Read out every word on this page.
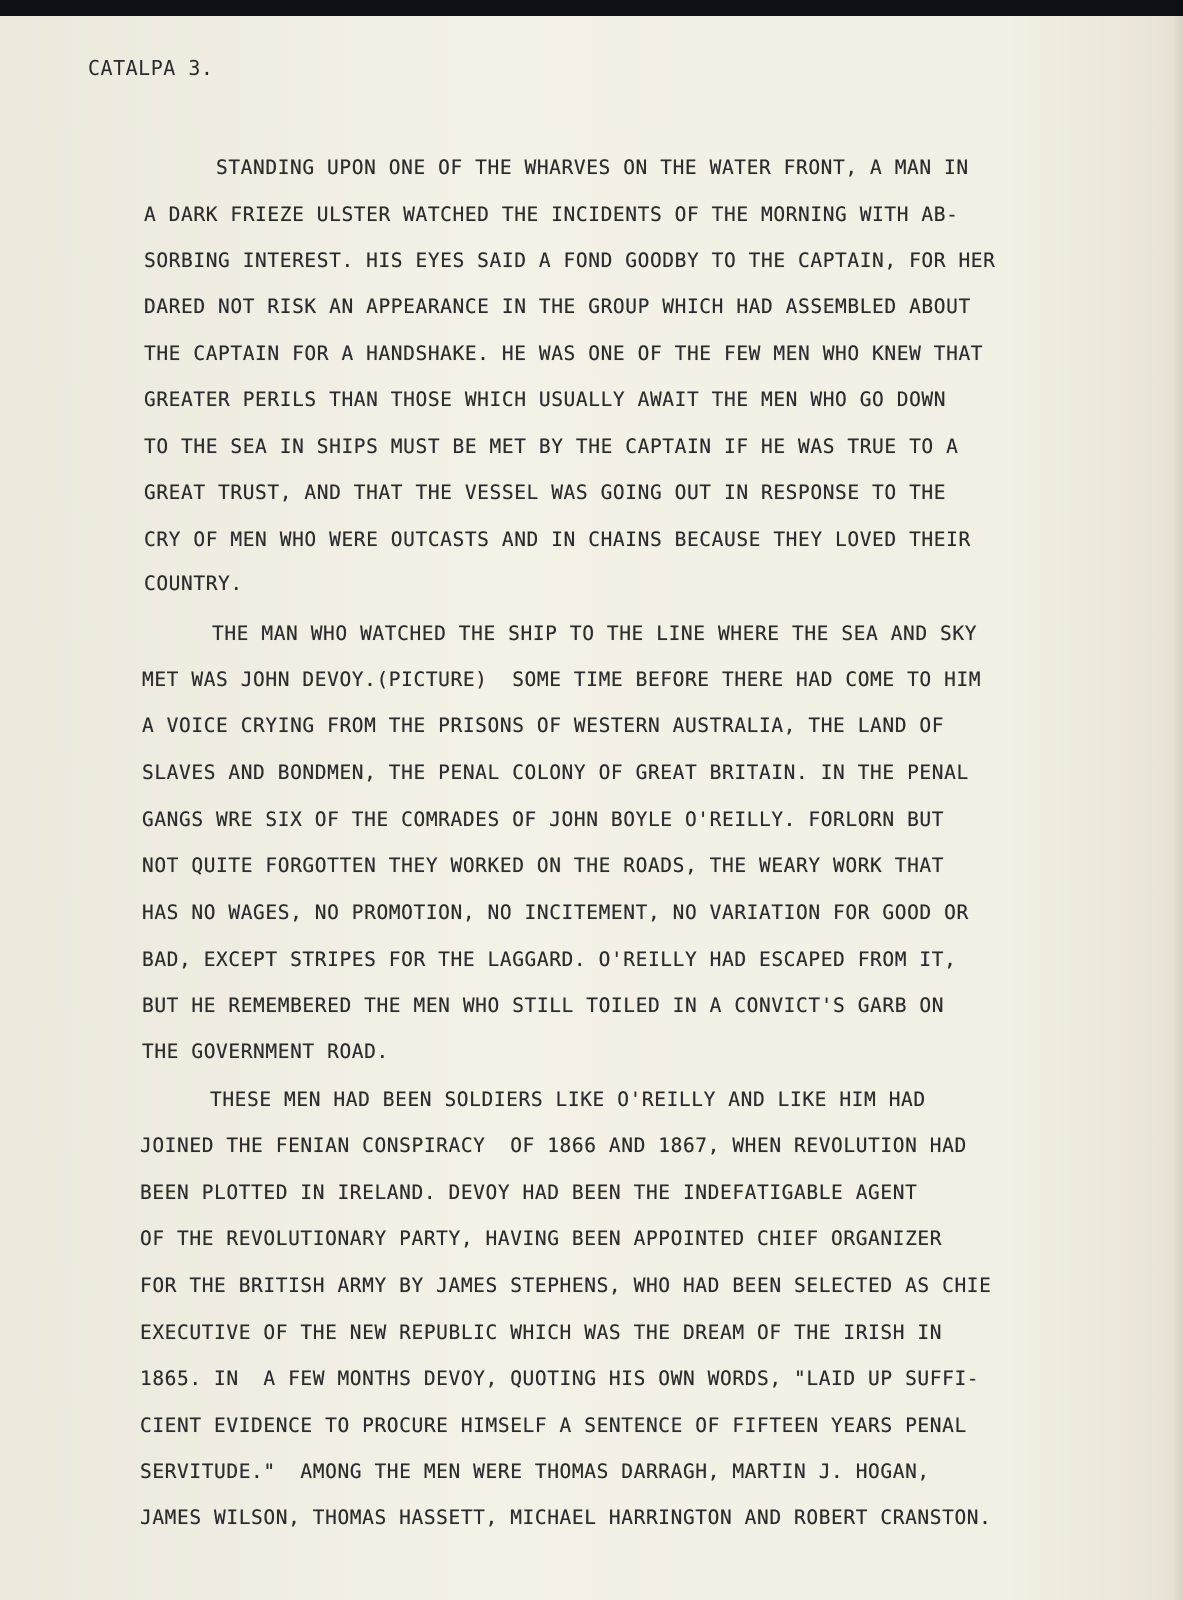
CATALPA 3.
STANDING UPON ONE OF THE WHARVES ON THE WATER FRONT, A MAN IN
A DARK FRIEZE ULSTER WATCHED THE INCIDENTS OF THE MORNING WITH AB-
SORBING INTEREST. HIS EYES SAID A FOND GOODBY TO THE CAPTAIN, FOR HER
DARED NOT RISK AN APPEARANCE IN THE GROUP WHICH HAD ASSEMBLED ABOUT
THE CAPTAIN FOR A HANDSHAKE. HE WAS ONE OF THE FEW MEN WHO KNEW THAT
GREATER PERILS THAN THOSE WHICH USUALLY AWAIT THE MEN WHO GO DOWN
TO THE SEA IN SHIPS MUST BE MET BY THE CAPTAIN IF HE WAS TRUE TO A
GREAT TRUST, AND THAT THE VESSEL WAS GOING OUT IN RESPONSE TO THE
CRY OF MEN WHO WERE OUTCASTS AND IN CHAINS BECAUSE THEY LOVED THEIR
COUNTRY.
THE MAN WHO WATCHED THE SHIP TO THE LINE WHERE THE SEA AND SKY
MET WAS JOHN DEVOY.(PICTURE)  SOME TIME BEFORE THERE HAD COME TO HIM
A VOICE CRYING FROM THE PRISONS OF WESTERN AUSTRALIA, THE LAND OF
SLAVES AND BONDMEN, THE PENAL COLONY OF GREAT BRITAIN. IN THE PENAL
GANGS WRE SIX OF THE COMRADES OF JOHN BOYLE O'REILLY. FORLORN BUT
NOT QUITE FORGOTTEN THEY WORKED ON THE ROADS, THE WEARY WORK THAT
HAS NO WAGES, NO PROMOTION, NO INCITEMENT, NO VARIATION FOR GOOD OR
BAD, EXCEPT STRIPES FOR THE LAGGARD. O'REILLY HAD ESCAPED FROM IT,
BUT HE REMEMBERED THE MEN WHO STILL TOILED IN A CONVICT'S GARB ON
THE GOVERNMENT ROAD.
THESE MEN HAD BEEN SOLDIERS LIKE O'REILLY AND LIKE HIM HAD
JOINED THE FENIAN CONSPIRACY  OF 1866 AND 1867, WHEN REVOLUTION HAD
BEEN PLOTTED IN IRELAND. DEVOY HAD BEEN THE INDEFATIGABLE AGENT
OF THE REVOLUTIONARY PARTY, HAVING BEEN APPOINTED CHIEF ORGANIZER
FOR THE BRITISH ARMY BY JAMES STEPHENS, WHO HAD BEEN SELECTED AS CHIE
EXECUTIVE OF THE NEW REPUBLIC WHICH WAS THE DREAM OF THE IRISH IN
1865. IN  A FEW MONTHS DEVOY, QUOTING HIS OWN WORDS, "LAID UP SUFFI-
CIENT EVIDENCE TO PROCURE HIMSELF A SENTENCE OF FIFTEEN YEARS PENAL
SERVITUDE."  AMONG THE MEN WERE THOMAS DARRAGH, MARTIN J. HOGAN,
JAMES WILSON, THOMAS HASSETT, MICHAEL HARRINGTON AND ROBERT CRANSTON.
